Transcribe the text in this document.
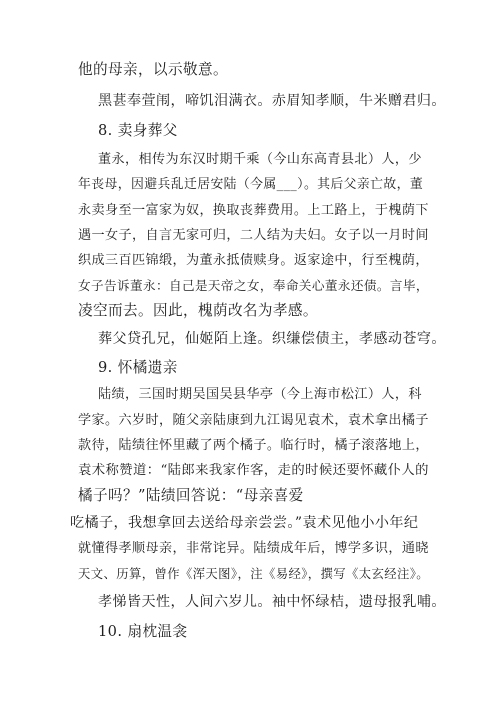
他的母亲，以示敬意。
黑葚奉萱闱，啼饥泪满衣。赤眉知孝顺，牛米赠君归。
8. 卖身葬父
董永，相传为东汉时期千乘（今山东高青县北）人，少
年丧母，因避兵乱迁居安陆（今属___）。其后父亲亡故，董
永卖身至一富家为奴，换取丧葬费用。上工路上，于槐荫下
遇一女子，自言无家可归，二人结为夫妇。女子以一月时间
织成三百匹锦缎，为董永抵债赎身。返家途中，行至槐荫，
女子告诉董永：自己是天帝之女，奉命关心董永还债。言毕，
凌空而去。因此，槐荫改名为孝感。
葬父贷孔兄，仙姬陌上逢。织缣偿债主，孝感动苍穹。
9. 怀橘遗亲
陆绩，三国时期吴国吴县华亭（今上海市松江）人，科
学家。六岁时，随父亲陆康到九江谒见袁术，袁术拿出橘子
款待，陆绩往怀里藏了两个橘子。临行时，橘子滚落地上，
袁术称赞道：“陆郎来我家作客，走的时候还要怀藏仆人的
橘子吗？”陆绩回答说：“母亲喜爱
吃橘子，我想拿回去送给母亲尝尝。”袁术见他小小年纪
就懂得孝顺母亲，非常诧异。陆绩成年后，博学多识，通晓
天文、历算，曾作《浑天图》，注《易经》，撰写《太玄经注》。
孝悌皆天性，人间六岁儿。袖中怀绿桔，遗母报乳哺。
10. 扇枕温衾
